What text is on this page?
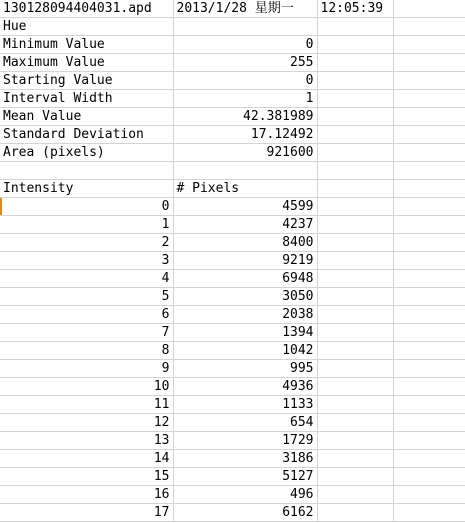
130128094404031.apd	2013/1/28 星期一	12:05:39	
Hue			
Minimum Value	0		
Maximum Value	255		
Starting Value	0		
Interval Width	1		
Mean Value	42.381989		
Standard Deviation	17.12492		
Area (pixels)	921600		

Intensity	# Pixels		
0	4599		
1	4237		
2	8400		
3	9219		
4	6948		
5	3050		
6	2038		
7	1394		
8	1042		
9	995		
10	4936		
11	1133		
12	654		
13	1729		
14	3186		
15	5127		
16	496		
17	6162		
